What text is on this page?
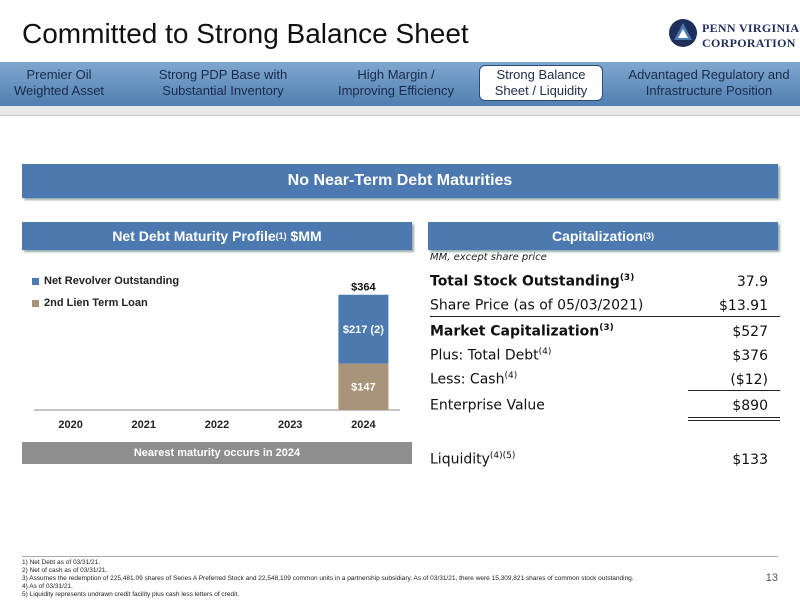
Committed to Strong Balance Sheet	PENN VIRGINIA
CORPORATION
Premier Oil
Weighted Asset
Strong PDP Base with
Substantial Inventory
High Margin /
Improving Efficiency
Strong Balance
Sheet / Liquidity
Advantaged Regulatory and
Infrastructure Position
No Near-Term Debt Maturities
Net Debt Maturity Profile (1) $MM
Net Revolver Outstanding
2nd Lien Term Loan
2020	2021	2022	2023	2024
$147
$217 (2)
$364
Nearest maturity occurs in 2024
Capitalization (3)
MM, except share price
Total Stock Outstanding$^{(3)}$	37.9
Share Price (as of 05/03/2021)	$13.91
Market Capitalization$^{(3)}$	$527
Plus: Total Debt$^{(4)}$	$376
Less: Cash$^{(4)}$	($12)
Enterprise Value	$890
Liquidity$^{(4)(5)}$	$133
1) Net Debt as of 03/31/21.
2) Net of cash as of 03/31/21.
3) Assumes the redemption of 225,481.09 shares of Series A Preferred Stock and 22,548,109 common units in a partnership subsidiary. As of 03/31/21, there were 15,309,821 shares of common stock outstanding.
4) As of 03/31/21.
5) Liquidity represents undrawn credit facility plus cash less letters of credit.
13
